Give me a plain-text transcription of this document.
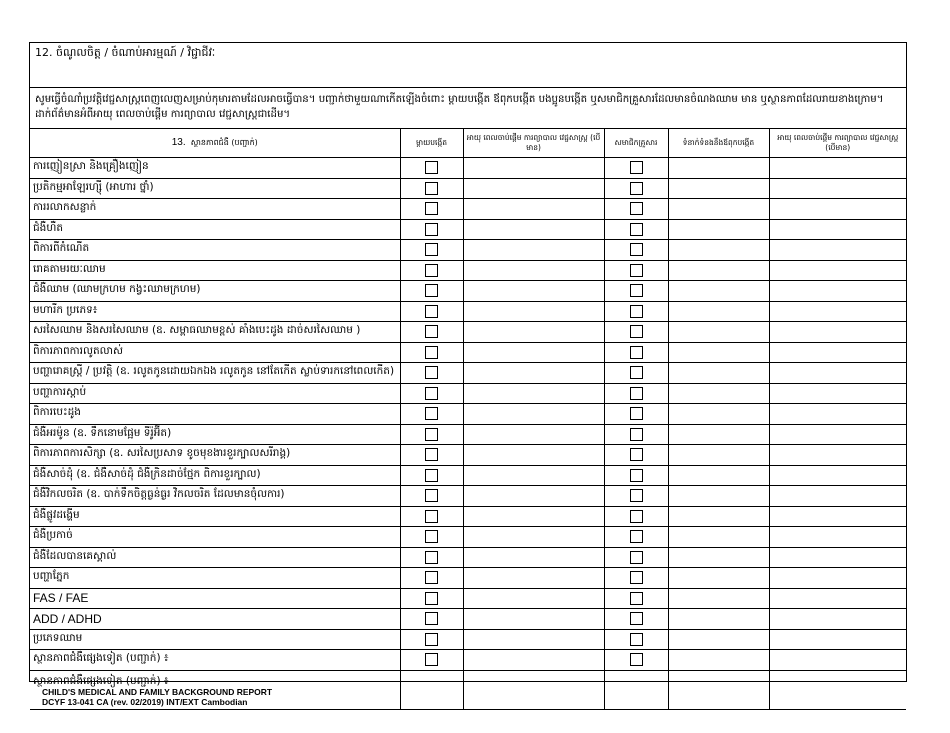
12. ចំណូលចិត្ត / ចំណាប់អារម្មណ៍ / វិជ្ជាជីវៈ
សូមធ្វើចំណាំប្រវត្តិវេជ្ជសាស្ត្រពេញលេញសម្រាប់កុមារតាមដែលអាចធ្វើបាន។ បញ្ជាក់ថាមួយណាកើតឡើងចំពោះ ម្តាយបង្កើត ឪពុកបង្កើត បងប្អូនបង្កើត ឬសមាជិកគ្រួសារដែលមានចំណងឈាម មាន ឬស្ថានភាពដែលរាយខាងក្រោម។
ដាក់ព័ត៌មានអំពីអាយុ ពេលចាប់ផ្តើម ការព្យាបាល វេជ្ជសាស្ត្រជាដើម។
13. ស្ថានភាពជំងឺ (បញ្ជាក់)	ម្តាយបង្កើត	អាយុ ពេលចាប់ផ្តើម ការព្យាបាល វេជ្ជសាស្ត្រ (បើមាន)	សមាជិកគ្រួសារ	ទំនាក់ទំនងនឹងឪពុកបង្កើត	អាយុ ពេលចាប់ផ្តើម ការព្យាបាល វេជ្ជសាស្ត្រ (បើមាន)
ការញៀនស្រា និងគ្រឿងញៀន					
ប្រតិកម្មអាឡែរហ្ស៊ី (អាហារ ថ្នាំ)					
ការរលាកសន្លាក់					
ជំងឺហឺត					
ពិការពីកំណើត					
រោគតាមរយៈឈាម					
ជំងឺឈាម (ឈាមក្រហម កង្វះឈាមក្រហម)					
មហារីក ប្រភេទ៖					
សរសៃឈាម និងសរសៃឈាម (ឧ. សម្ពាធឈាមខ្ពស់ គាំងបេះដូង ដាច់សរសៃឈាម )					
ពិការភាពការលូតលាស់					
បញ្ហារោគស្ត្រី / ប្រវត្តិ (ឧ. រលូតកូនដោយឯកឯង រលូតកូន នៅតែកើត ស្លាប់ទារកនៅពេលកើត)					
បញ្ហាការស្តាប់					
ពិការបេះដូង					
ជំងឺអរម៉ូន (ឧ. ទឹកនោមផ្អែម ទីរ៉ូអ៊ីត)					
ពិការភាពការសិក្សា (ឧ. សរសៃប្រសាទ ខូចមុខងារខួរក្បាលសរីរាង្គ)					
ជំងឺសាច់ដុំ (ឧ. ជំងឺសាច់ដុំ ជំងឺក្រិនដាច់ថ្មែក ពិការខួរក្បាល)					
ជំងឺវិកលចរិត (ឧ. បាក់ទឹកចិត្តធ្ងន់ធ្ងរ វិកលចរិត ដែលមានចុំលការ)					
ជំងឺផ្លូវដង្ហើម					
ជំងឺប្រកាច់					
ជំងឺដែលបានគេស្គាល់					
បញ្ហាភ្នែក					
FAS / FAE					
ADD / ADHD					
ប្រភេទឈាម					
ស្ថានភាពជំងឺផ្សេងទៀត (បញ្ជាក់) ៖					
ស្ថានភាពជំងឺផ្សេងទៀត (បញ្ជាក់) ៖					
CHILD'S MEDICAL AND FAMILY BACKGROUND REPORT
DCYF 13-041 CA (rev. 02/2019) INT/EXT Cambodian
